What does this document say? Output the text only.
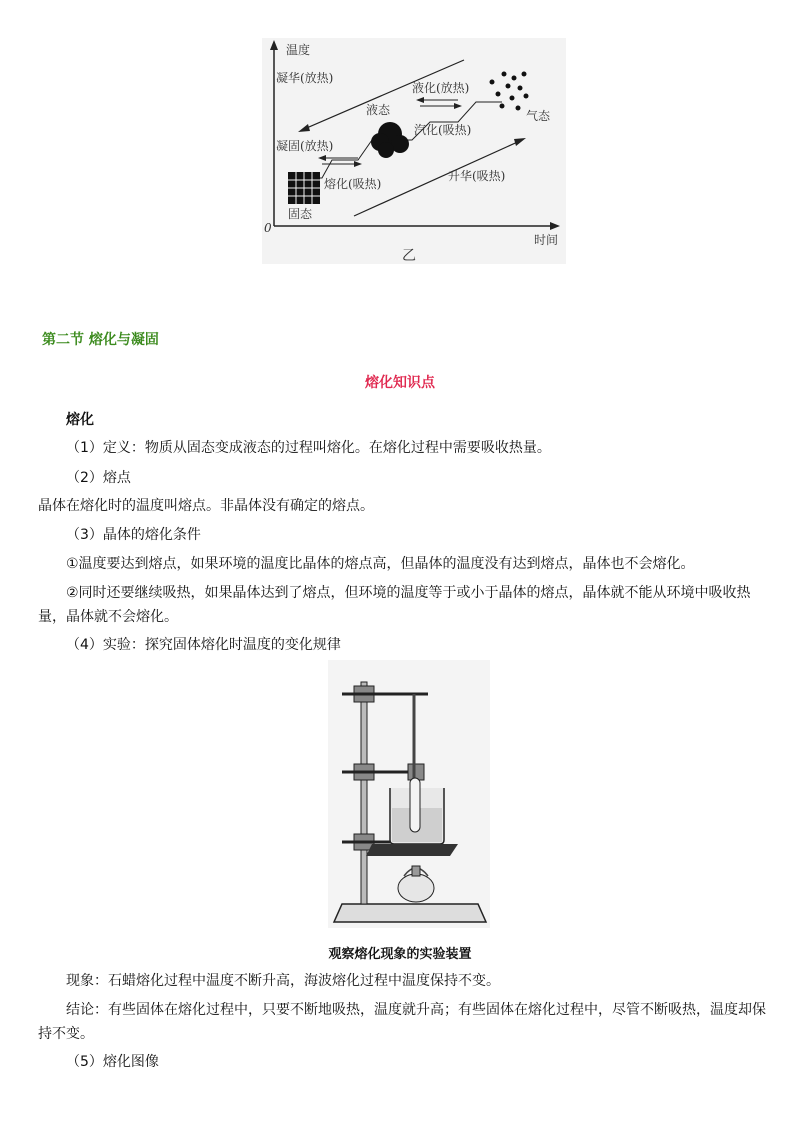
温度
时间
0
乙
凝华(放热)
升华(吸热)
固态
液态	气态
液化(放热)
汽化(吸热)
凝固(放热)
熔化(吸热)
第二节 熔化与凝固
熔化知识点
熔化

（1）定义：物质从固态变成液态的过程叫熔化。在熔化过程中需要吸收热量。

（2）熔点

晶体在熔化时的温度叫熔点。非晶体没有确定的熔点。

（3）晶体的熔化条件

①温度要达到熔点，如果环境的温度比晶体的熔点高，但晶体的温度没有达到熔点，晶体也不会熔化。

②同时还要继续吸热，如果晶体达到了熔点，但环境的温度等于或小于晶体的熔点，晶体就不能从环境中吸收热量，晶体就不会熔化。

（4）实验：探究固体熔化时温度的变化规律

观察熔化现象的实验装置

现象：石蜡熔化过程中温度不断升高，海波熔化过程中温度保持不变。

结论：有些固体在熔化过程中，只要不断地吸热，温度就升高；有些固体在熔化过程中，尽管不断吸热，温度却保持不变。

（5）熔化图像
